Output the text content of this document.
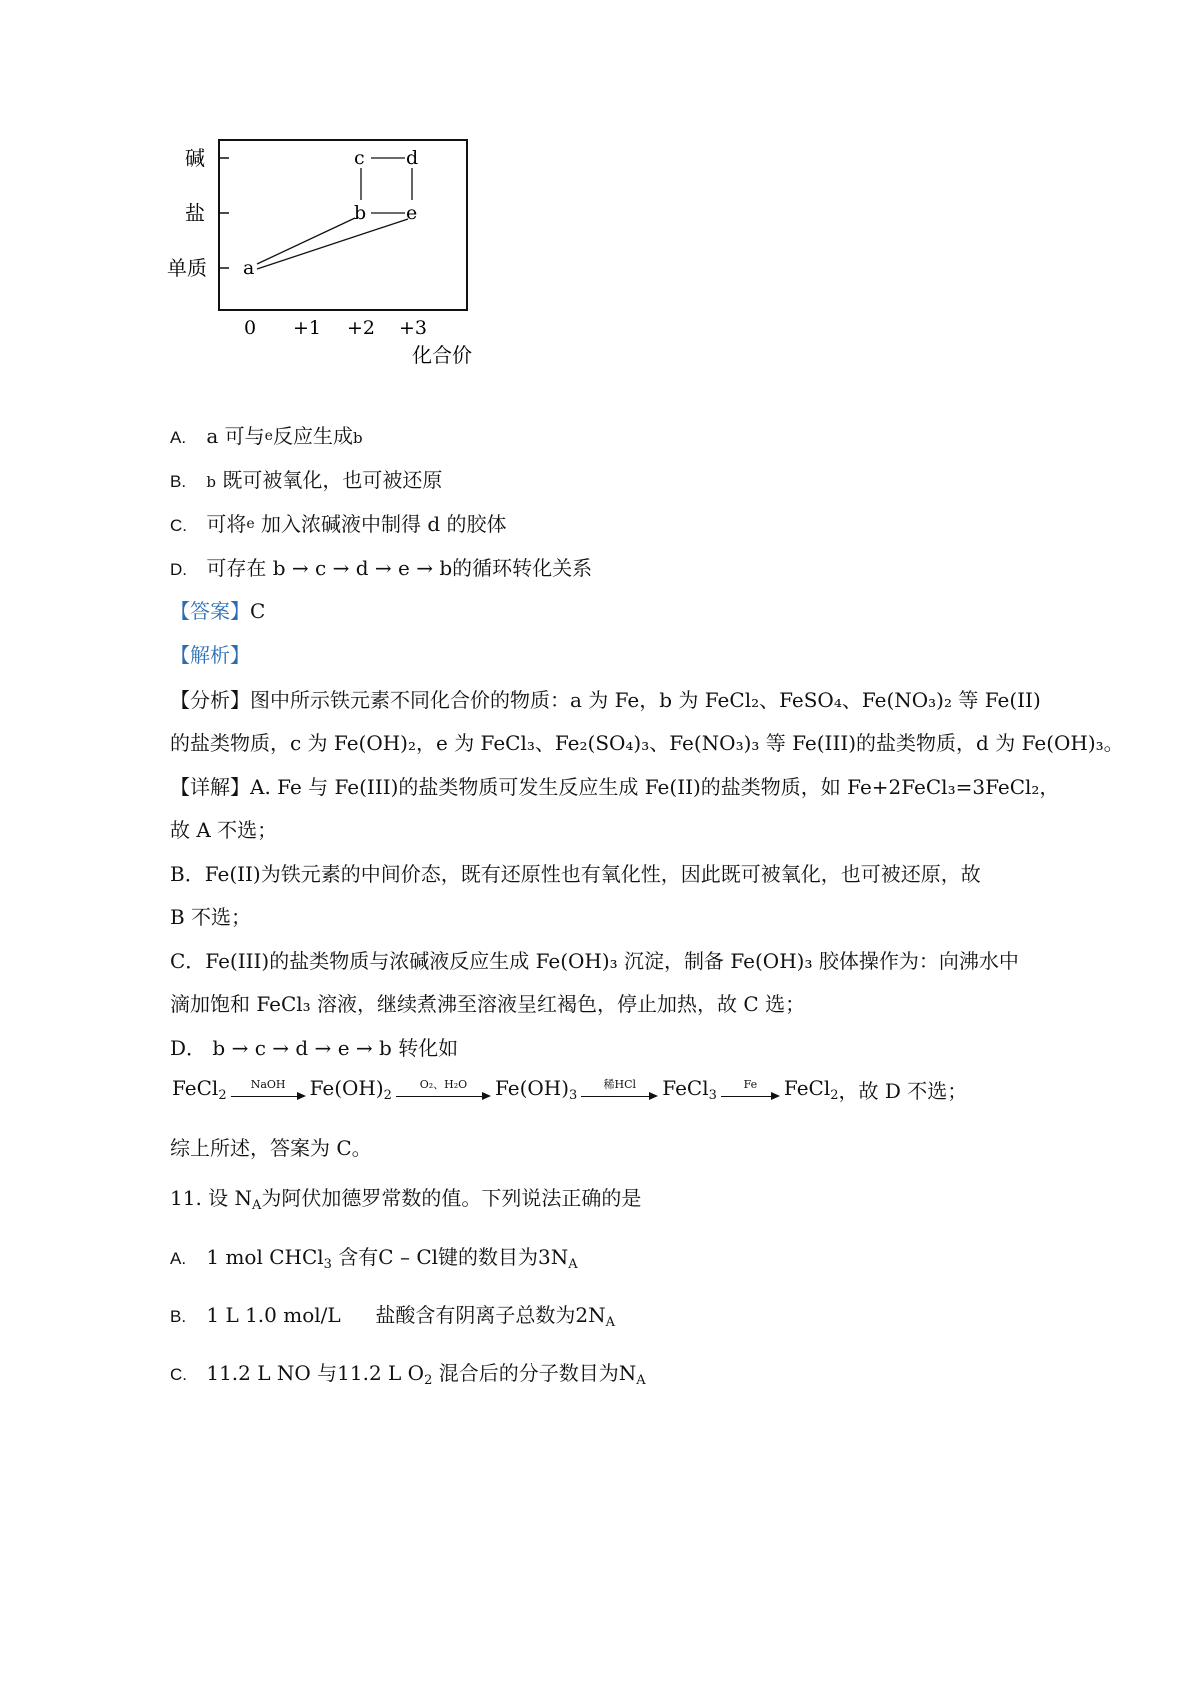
碱
盐
单质 a
b
c d
e
0 +1 +2 +3
化合价
A. a 可与e反应生成b
B. b 既可被氧化，也可被还原
C. 可将e 加入浓碱液中制得 d 的胶体
D. 可存在 b → c → d → e → b的循环转化关系
【答案】C
【解析】
【分析】图中所示铁元素不同化合价的物质：a 为 Fe，b 为 FeCl₂、FeSO₄、Fe(NO₃)₂ 等 Fe(II)
的盐类物质，c 为 Fe(OH)₂，e 为 FeCl₃、Fe₂(SO₄)₃、Fe(NO₃)₃ 等 Fe(III)的盐类物质，d 为 Fe(OH)₃。
【详解】A. Fe 与 Fe(III)的盐类物质可发生反应生成 Fe(II)的盐类物质，如 Fe+2FeCl₃=3FeCl₂，
故 A 不选；
B．Fe(II)为铁元素的中间价态，既有还原性也有氧化性，因此既可被氧化，也可被还原，故
B 不选；
C．Fe(III)的盐类物质与浓碱液反应生成 Fe(OH)₃ 沉淀，制备 Fe(OH)₃ 胶体操作为：向沸水中
滴加饱和 FeCl₃ 溶液，继续煮沸至溶液呈红褐色，停止加热，故 C 选；
D． b → c → d → e → b 转化如
FeCl$_2$
NaOH $Fe(OH)_2$
O₂、H₂O $Fe(OH)_3$
稀HCl FeCl$_3$
Fe FeCl$_2$ ，故 D 不选；
综上所述，答案为 C。
11. 设 $N_A$为阿伏加德罗常数的值。下列说法正确的是
A. 1 mol CHCl$_3$ 含有C – Cl键的数目为$3N_A$
B. 1 L 1.0 mol/L 盐酸含有阴离子总数为$2N_A$
C. 11.2 L NO 与11.2 L $O_2$ 混合后的分子数目为$N_A$
